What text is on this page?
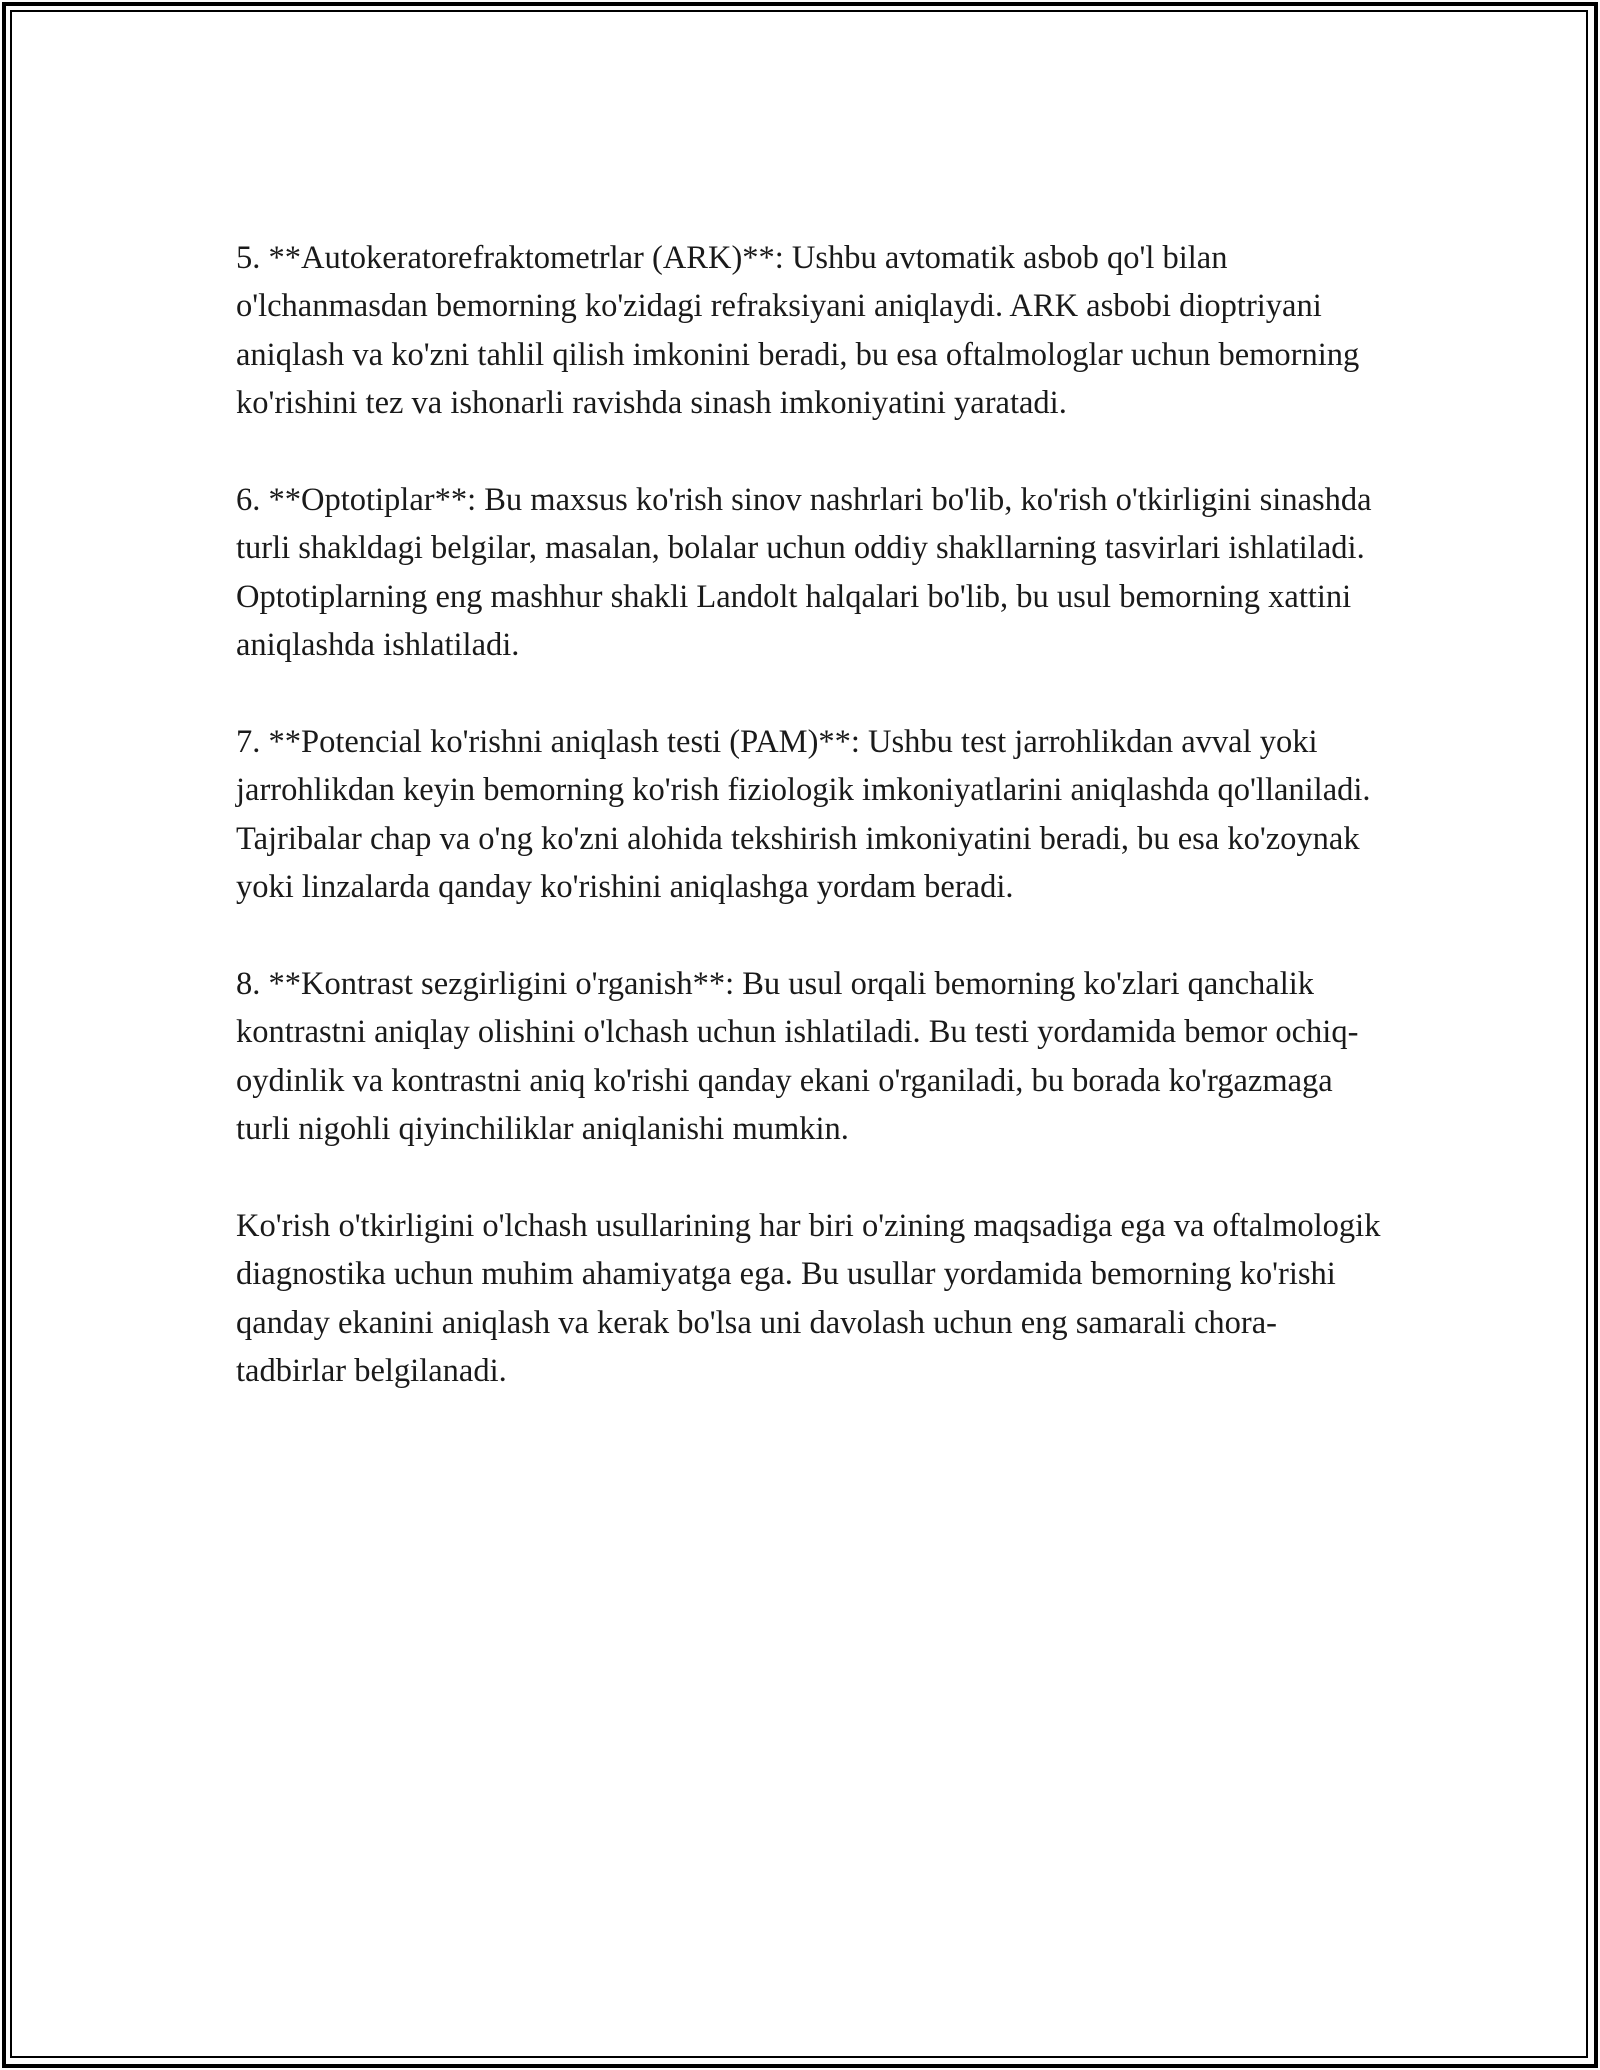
5. **Autokeratorefraktometrlar (ARK)**: Ushbu avtomatik asbob qo'l bilan o'lchanmasdan bemorning ko'zidagi refraksiyani aniqlaydi. ARK asbobi dioptriyani aniqlash va ko'zni tahlil qilish imkonini beradi, bu esa oftalmologlar uchun bemorning ko'rishini tez va ishonarli ravishda sinash imkoniyatini yaratadi.

6. **Optotiplar**: Bu maxsus ko'rish sinov nashrlari bo'lib, ko'rish o'tkirligini sinashda turli shakldagi belgilar, masalan, bolalar uchun oddiy shakllarning tasvirlari ishlatiladi. Optotiplarning eng mashhur shakli Landolt halqalari bo'lib, bu usul bemorning xattini aniqlashda ishlatiladi.

7. **Potencial ko'rishni aniqlash testi (PAM)**: Ushbu test jarrohlikdan avval yoki jarrohlikdan keyin bemorning ko'rish fiziologik imkoniyatlarini aniqlashda qo'llaniladi. Tajribalar chap va o'ng ko'zni alohida tekshirish imkoniyatini beradi, bu esa ko'zoynak yoki linzalarda qanday ko'rishini aniqlashga yordam beradi.

8. **Kontrast sezgirligini o'rganish**: Bu usul orqali bemorning ko'zlari qanchalik kontrastni aniqlay olishini o'lchash uchun ishlatiladi. Bu testi yordamida bemor ochiq-oydinlik va kontrastni aniq ko'rishi qanday ekani o'rganiladi, bu borada ko'rgazmaga turli nigohli qiyinchiliklar aniqlanishi mumkin.

Ko'rish o'tkirligini o'lchash usullarining har biri o'zining maqsadiga ega va oftalmologik diagnostika uchun muhim ahamiyatga ega. Bu usullar yordamida bemorning ko'rishi qanday ekanini aniqlash va kerak bo'lsa uni davolash uchun eng samarali chora-tadbirlar belgilanadi.
